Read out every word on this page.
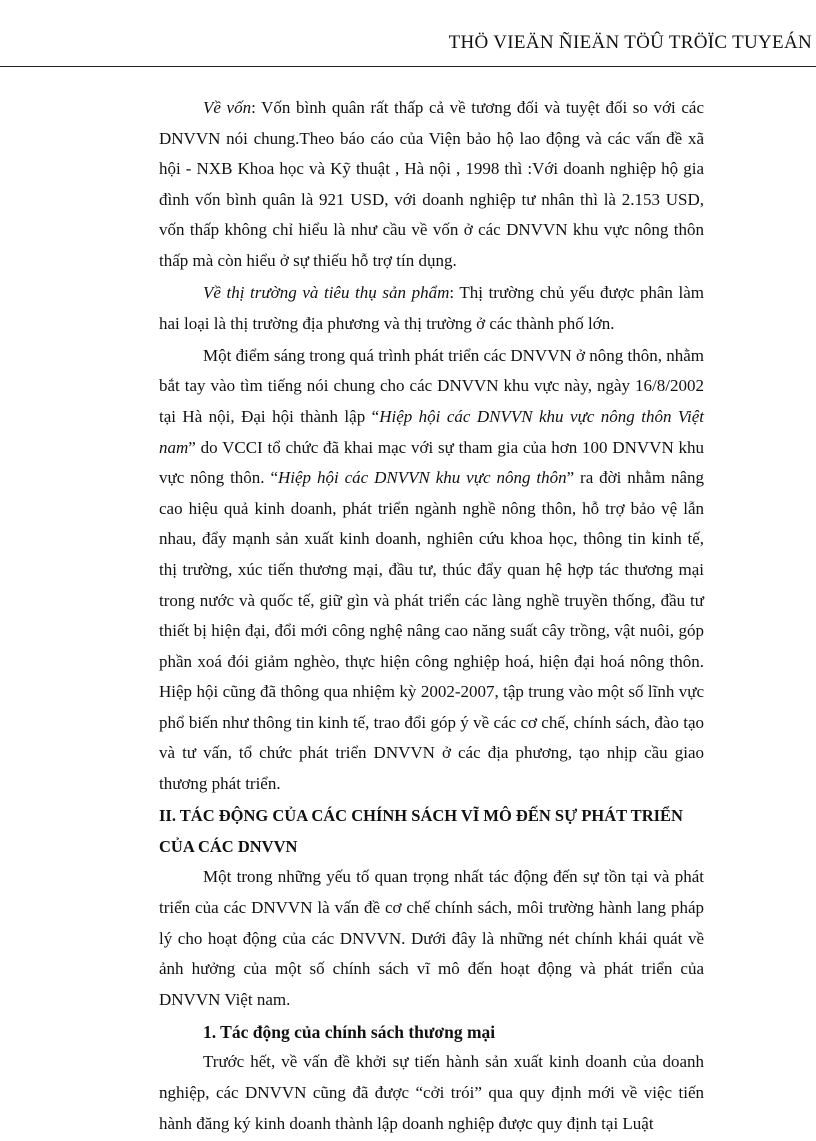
THÖ VIEÄN ÑIEÄN TÖÛ TRÖÏC TUYEÁN

Về vốn: Vốn bình quân rất thấp cả về tương đối và tuyệt đối so với các DNVVN nói chung.Theo báo cáo của Viện bảo hộ lao động và các vấn đề xã hội - NXB Khoa học và Kỹ thuật , Hà nội , 1998 thì :Với doanh nghiệp hộ gia đình vốn bình quân là 921 USD, với doanh nghiệp tư nhân thì là 2.153 USD, vốn thấp không chỉ hiểu là như cầu về vốn ở các DNVVN khu vực nông thôn thấp mà còn hiểu ở sự thiếu hỗ trợ tín dụng.

Về thị trường và tiêu thụ sản phẩm: Thị trường chủ yếu được phân làm hai loại là thị trường địa phương và thị trường ở các thành phố lớn.

Một điểm sáng trong quá trình phát triển các DNVVN ở nông thôn, nhằm bắt tay vào tìm tiếng nói chung cho các DNVVN khu vực này, ngày 16/8/2002 tại Hà nội, Đại hội thành lập “Hiệp hội các DNVVN khu vực nông thôn Việt nam” do VCCI tổ chức đã khai mạc với sự tham gia của hơn 100 DNVVN khu vực nông thôn. “Hiệp hội các DNVVN khu vực nông thôn” ra đời nhằm nâng cao hiệu quả kinh doanh, phát triển ngành nghề nông thôn, hỗ trợ bảo vệ lẫn nhau, đẩy mạnh sản xuất kinh doanh, nghiên cứu khoa học, thông tin kinh tế, thị trường, xúc tiến thương mại, đầu tư, thúc đẩy quan hệ hợp tác thương mại trong nước và quốc tế, giữ gìn và phát triển các làng nghề truyền thống, đầu tư thiết bị hiện đại, đổi mới công nghệ nâng cao năng suất cây trồng, vật nuôi, góp phần xoá đói giảm nghèo, thực hiện công nghiệp hoá, hiện đại hoá nông thôn. Hiệp hội cũng đã thông qua nhiệm kỳ 2002-2007, tập trung vào một số lĩnh vực phổ biến như thông tin kinh tế, trao đổi góp ý về các cơ chế, chính sách, đào tạo và tư vấn, tổ chức phát triển DNVVN ở các địa phương, tạo nhịp cầu giao thương phát triển.

II. TÁC ĐỘNG CỦA CÁC CHÍNH SÁCH VĨ MÔ ĐẾN SỰ PHÁT TRIỂN CỦA CÁC DNVVN

Một trong những yếu tố quan trọng nhất tác động đến sự tồn tại và phát triển của các DNVVN là vấn đề cơ chế chính sách, môi trường hành lang pháp lý cho hoạt động của các DNVVN. Dưới đây là những nét chính khái quát về ảnh hưởng của một số chính sách vĩ mô đến hoạt động và phát triển của DNVVN Việt nam.

1. Tác động của chính sách thương mại

Trước hết, về vấn đề khởi sự tiến hành sản xuất kinh doanh của doanh nghiệp, các DNVVN cũng đã được “cởi trói” qua quy định mới về việc tiến hành đăng ký kinh doanh thành lập doanh nghiệp được quy định tại Luật
